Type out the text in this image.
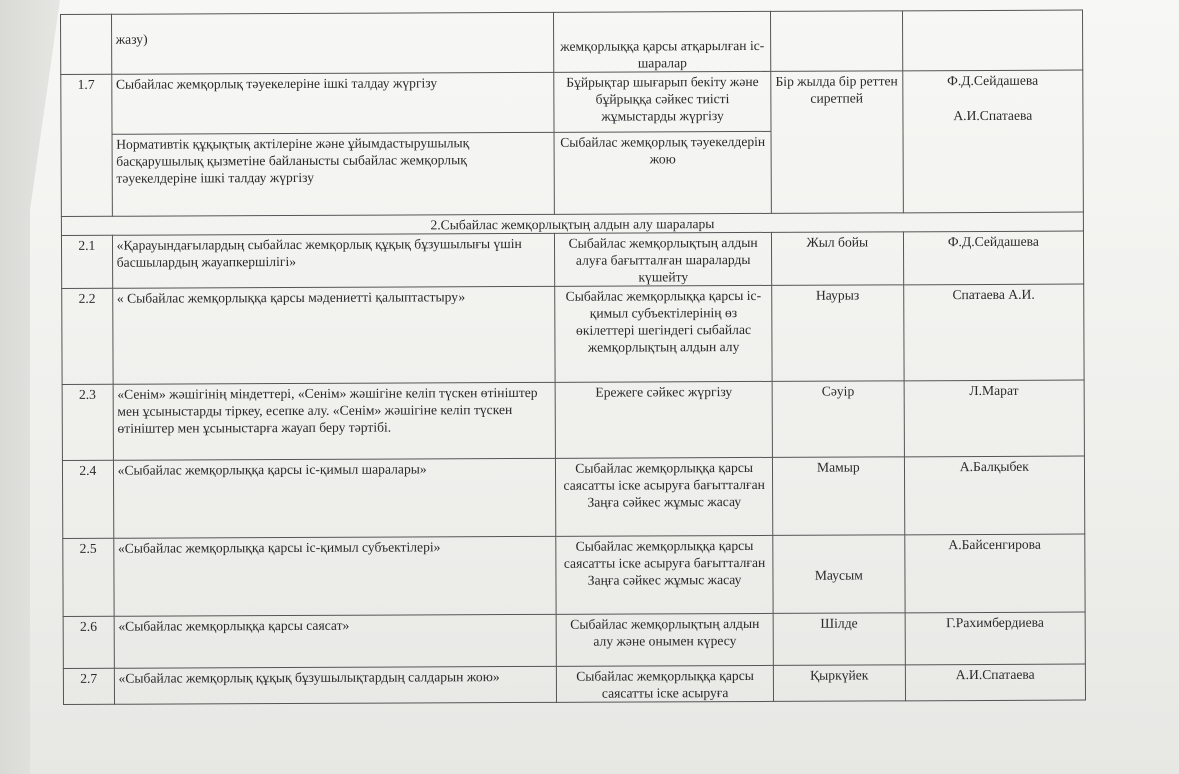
	жазу)	жемқорлыққа қарсы атқарылған іс-шаралар		
1.7	Сыбайлас жемқорлық тәуекелеріне ішкі талдау жүргізу	Бұйрықтар шығарып бекіту және бұйрыққа сәйкес тиісті жұмыстарды жүргізу	Бір жылда бір реттен сиретпей	Ф.Д.Сейдашева
А.И.Спатаева

	Нормативтік құқықтық актілеріне және ұйымдастырушылық басқарушылық қызметіне байланысты сыбайлас жемқорлық тәуекелдеріне ішкі талдау жүргізу	Сыбайлас жемқорлық тәуекелдерін жою		
2.Сыбайлас жемқорлықтың алдын алу шаралары				
2.1	«Қарауындағылардың сыбайлас жемқорлық құқық бұзушылығы үшін басшылардың жауапкершілігі»	Сыбайлас жемқорлықтың алдын алуға бағытталған шараларды күшейту	Жыл бойы	Ф.Д.Сейдашева
2.2	« Сыбайлас жемқорлыққа қарсы мәдениетті қалыптастыру»	Сыбайлас жемқорлыққа қарсы іс-қимыл субъектілерінің өз өкілеттері шегіндегі сыбайлас жемқорлықтың алдын алу	Наурыз	Спатаева А.И.
2.3	«Сенім» жәшігінің міндеттері, «Сенім» жәшігіне келіп түскен өтініштер мен ұсыныстарды тіркеу, есепке алу. «Сенім» жәшігіне келіп түскен өтініштер мен ұсыныстарға жауап беру тәртібі.	Ережеге сәйкес жүргізу	Сәуір	Л.Марат
2.4	«Сыбайлас жемқорлыққа қарсы іс-қимыл шаралары»	Сыбайлас жемқорлыққа қарсы саясатты іске асыруға бағытталған Заңға сәйкес жұмыс жасау	Мамыр	А.Балқыбек
2.5	«Сыбайлас жемқорлыққа қарсы іс-қимыл субъектілері»	Сыбайлас жемқорлыққа қарсы саясатты іске асыруға бағытталған Заңға сәйкес жұмыс жасау	Маусым	А.Байсенгирова
2.6	«Сыбайлас жемқорлыққа қарсы саясат»	Сыбайлас жемқорлықтың алдын алу және онымен күресу	Шілде	Г.Рахимбердиева
2.7	«Сыбайлас жемқорлық құқық бұзушылықтардың салдарын жою»	Сыбайлас жемқорлыққа қарсы саясатты іске асыруға	Қыркүйек	А.И.Спатаева
